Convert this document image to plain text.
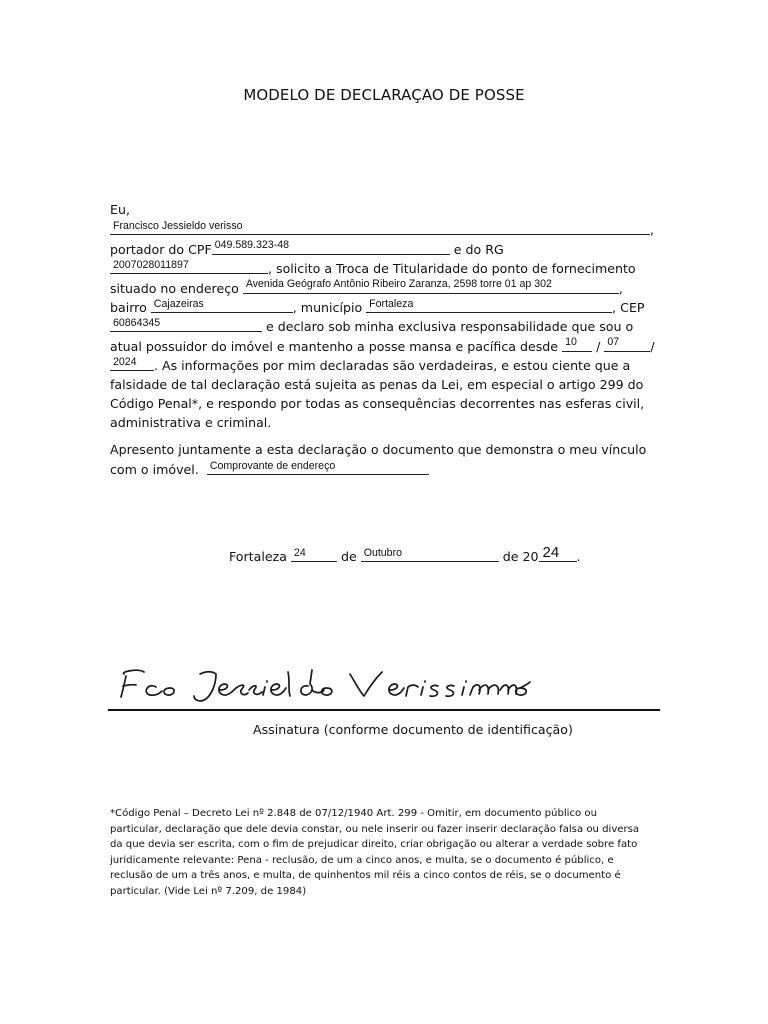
MODELO DE DECLARAÇAO DE POSSE
Eu,
Francisco Jessieldo verisso	,
portador do CPF 049.589.323-48	e do RG
2007028011897	, solicito a Troca de Titularidade do ponto de fornecimento
situado no endereço Avenida Geógrafo Antônio Ribeiro Zaranza, 2598 torre 01 ap 302	,
bairro Cajazeiras	, município Fortaleza	, CEP
60864345	e declaro sob minha exclusiva responsabilidade que sou o
atual possuidor do imóvel e mantenho a posse mansa e pacífica desde 10 / 07 /
2024 . As informações por mim declaradas são verdadeiras, e estou ciente que a
falsidade de tal declaração está sujeita as penas da Lei, em especial o artigo 299 do
Código Penal*, e respondo por todas as consequências decorrentes nas esferas civil,
administrativa e criminal.
Apresento juntamente a esta declaração o documento que demonstra o meu vínculo
com o imóvel. Comprovante de endereço
Fortaleza 24	de Outubro	de 20 24 .
Assinatura (conforme documento de identificação)
*Código Penal – Decreto Lei nº 2.848 de 07/12/1940 Art. 299 - Omitir, em documento público ou
particular, declaração que dele devia constar, ou nele inserir ou fazer inserir declaração falsa ou diversa
da que devia ser escrita, com o fim de prejudicar direito, criar obrigação ou alterar a verdade sobre fato
juridicamente relevante: Pena - reclusão, de um a cinco anos, e multa, se o documento é público, e
reclusão de um a três anos, e multa, de quinhentos mil réis a cinco contos de réis, se o documento é
particular. (Vide Lei nº 7.209, de 1984)
